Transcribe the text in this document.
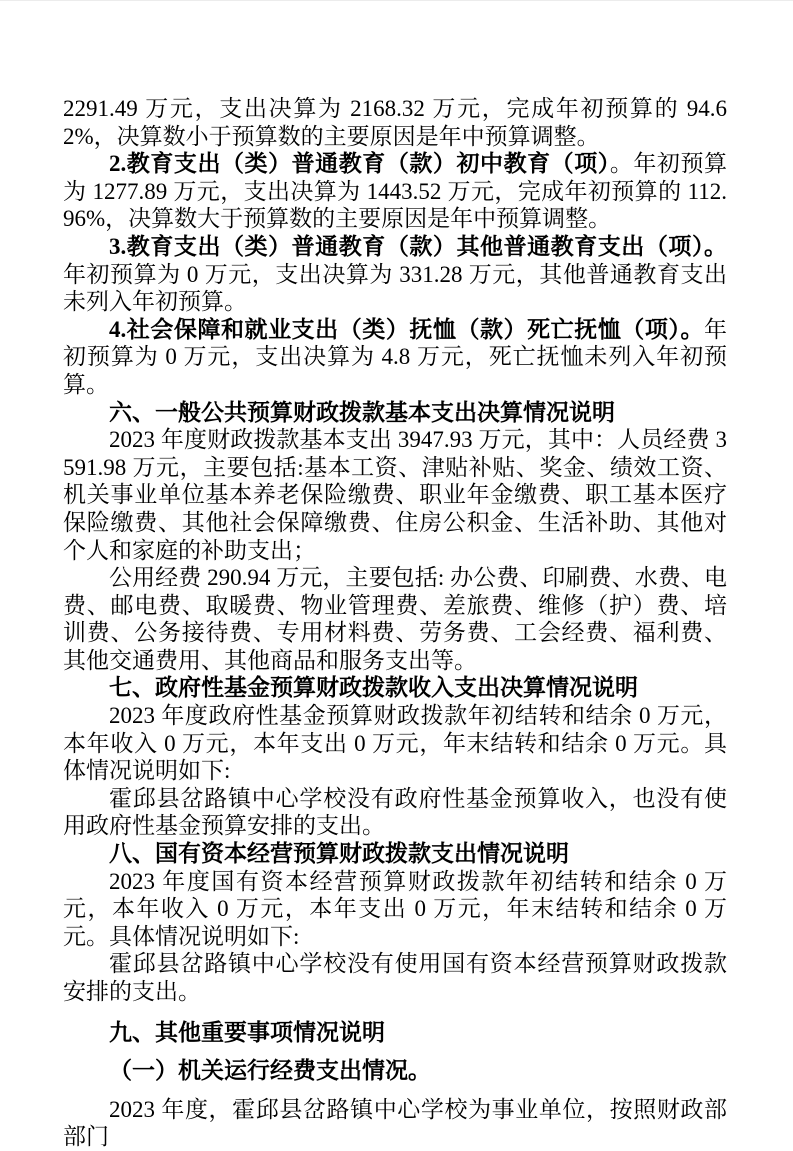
2291.49 万元，支出决算为 2168.32 万元，完成年初预算的 94.62%，决算数小于预算数的主要原因是年中预算调整。

2.教育支出（类）普通教育（款）初中教育（项）。年初预算为 1277.89 万元，支出决算为 1443.52 万元，完成年初预算的 112.96%，决算数大于预算数的主要原因是年中预算调整。

3.教育支出（类）普通教育（款）其他普通教育支出（项）。年初预算为 0 万元，支出决算为 331.28 万元，其他普通教育支出未列入年初预算。

4.社会保障和就业支出（类）抚恤（款）死亡抚恤（项）。年初预算为 0 万元，支出决算为 4.8 万元，死亡抚恤未列入年初预算。

六、一般公共预算财政拨款基本支出决算情况说明

2023 年度财政拨款基本支出 3947.93 万元，其中：人员经费 3591.98 万元，主要包括:基本工资、津贴补贴、奖金、绩效工资、机关事业单位基本养老保险缴费、职业年金缴费、职工基本医疗保险缴费、其他社会保障缴费、住房公积金、生活补助、其他对个人和家庭的补助支出；

公用经费 290.94 万元，主要包括: 办公费、印刷费、水费、电费、邮电费、取暖费、物业管理费、差旅费、维修（护）费、培训费、公务接待费、专用材料费、劳务费、工会经费、福利费、其他交通费用、其他商品和服务支出等。

七、政府性基金预算财政拨款收入支出决算情况说明

2023 年度政府性基金预算财政拨款年初结转和结余 0 万元，本年收入 0 万元，本年支出 0 万元，年末结转和结余 0 万元。具体情况说明如下:

霍邱县岔路镇中心学校没有政府性基金预算收入，也没有使用政府性基金预算安排的支出。

八、国有资本经营预算财政拨款支出情况说明

2023 年度国有资本经营预算财政拨款年初结转和结余 0 万元，本年收入 0 万元，本年支出 0 万元，年末结转和结余 0 万元。具体情况说明如下:

霍邱县岔路镇中心学校没有使用国有资本经营预算财政拨款安排的支出。

九、其他重要事项情况说明

（一）机关运行经费支出情况。

2023 年度，霍邱县岔路镇中心学校为事业单位，按照财政部部门
